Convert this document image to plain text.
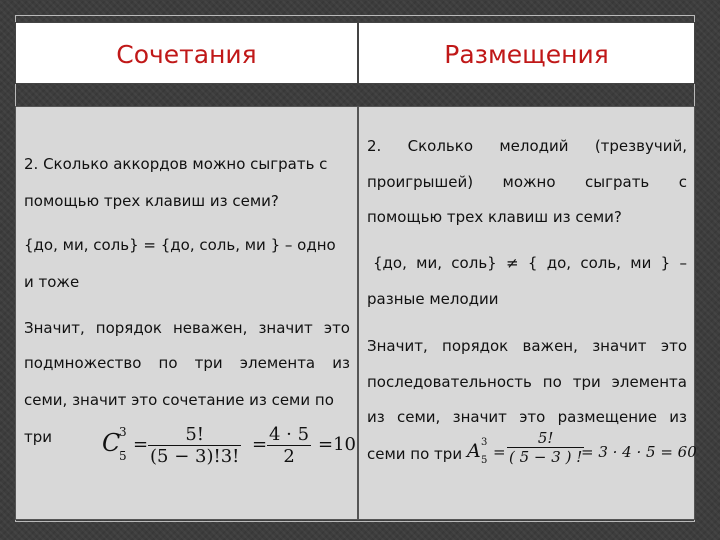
Сочетания	Размещения

2. Сколько аккордов можно сыграть с

помощью трех клавиш из семи?

{до, ми, соль} = {до, соль, ми } – одно

и тоже

Значит, порядок неважен, значит это

подмножество по три элемента из

семи, значит это сочетание из семи по

три C
3
5
= $\frac{5!}{(5 - 3)!3!} = \frac{4 \cdot 5}{2} =10$

2. Сколько мелодий (трезвучий,

проигрышей) можно сыграть с

помощью трех клавиш из семи?

{до, ми, соль} ≠ { до, соль, ми } –

разные мелодии

Значит, порядок важен, значит это

последовательность по три элемента

из семи, значит это размещение из

семи по три A 3
$5 = \frac{5!}{( 5 - 3 ) !}$
= 3 · 4 · 5 = 60
